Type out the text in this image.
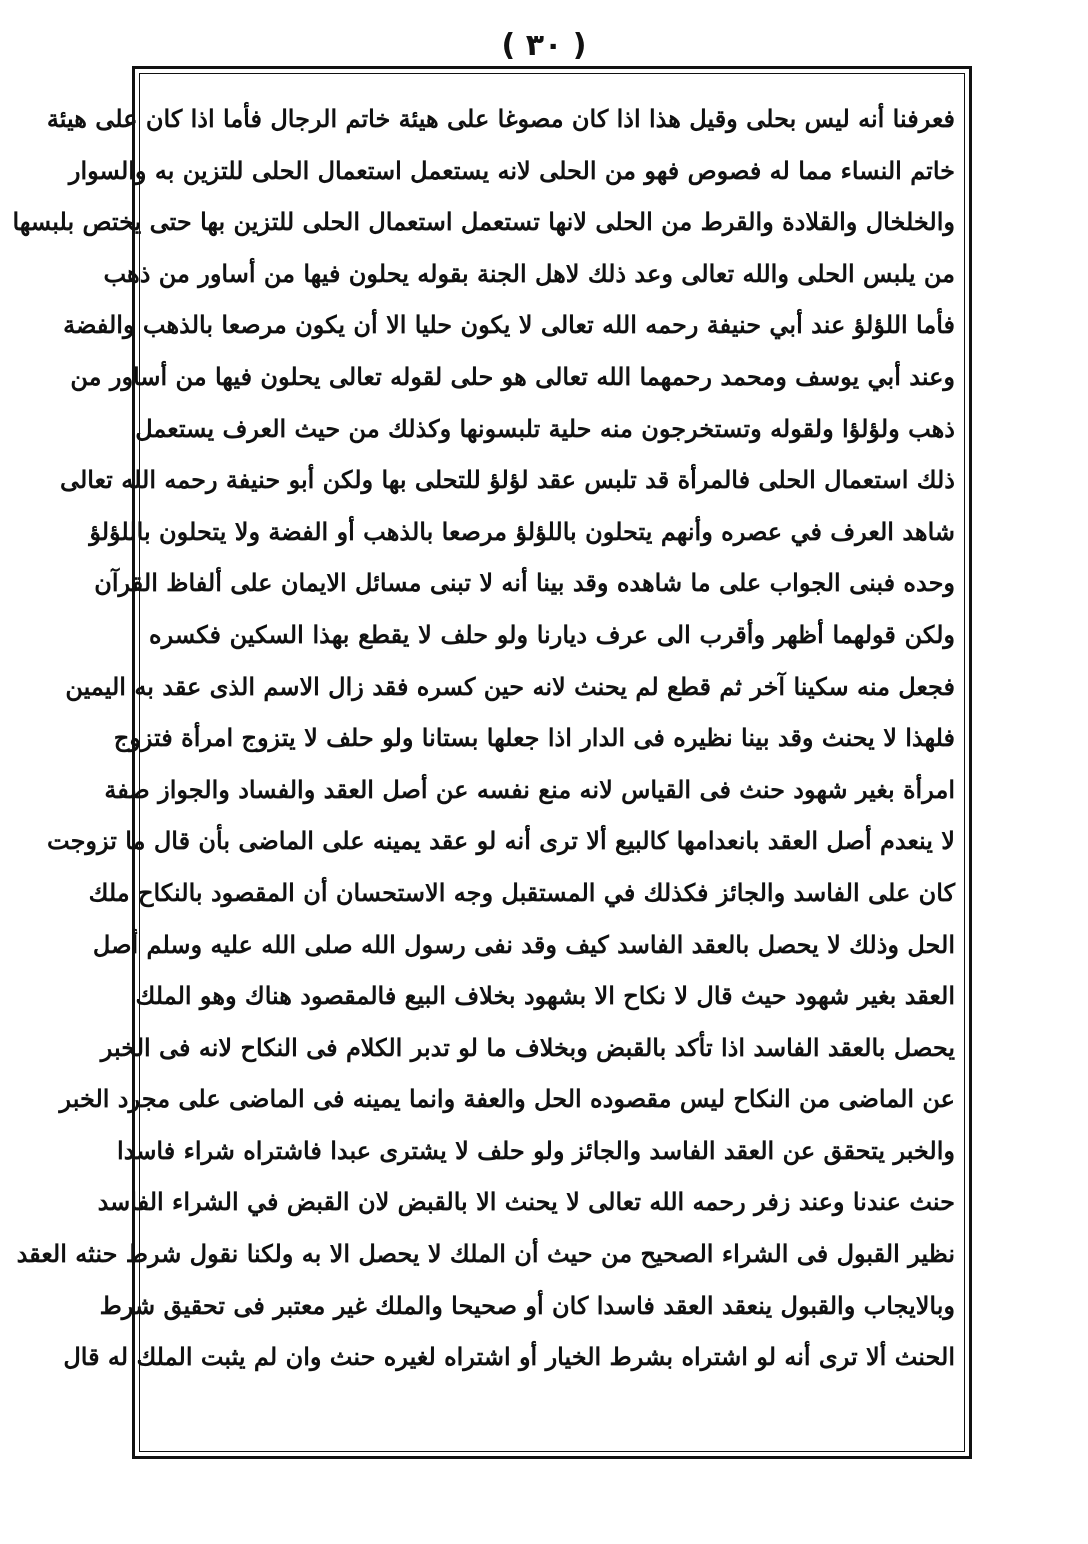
( ٣٠ )
فعرفنا أنه ليس بحلى وقيل هذا اذا كان مصوغا على هيئة خاتم الرجال فأما اذا كان على هيئة
خاتم النساء مما له فصوص فهو من الحلى لانه يستعمل استعمال الحلى للتزين به والسوار
والخلخال والقلادة والقرط من الحلى لانها تستعمل استعمال الحلى للتزين بها حتى يختص بلبسها
من يلبس الحلى والله تعالى وعد ذلك لاهل الجنة بقوله يحلون فيها من أساور من ذهب
فأما اللؤلؤ عند أبي حنيفة رحمه الله تعالى لا يكون حليا الا أن يكون مرصعا بالذهب والفضة
وعند أبي يوسف ومحمد رحمهما الله تعالى هو حلى لقوله تعالى يحلون فيها من أساور من
ذهب ولؤلؤا ولقوله وتستخرجون منه حلية تلبسونها وكذلك من حيث العرف يستعمل
ذلك استعمال الحلى فالمرأة قد تلبس عقد لؤلؤ للتحلى بها ولكن أبو حنيفة رحمه الله تعالى
شاهد العرف في عصره وأنهم يتحلون باللؤلؤ مرصعا بالذهب أو الفضة ولا يتحلون باللؤلؤ
وحده فبنى الجواب على ما شاهده وقد بينا أنه لا تبنى مسائل الايمان على ألفاظ القرآن
ولكن قولهما أظهر وأقرب الى عرف ديارنا ولو حلف لا يقطع بهذا السكين فكسره
فجعل منه سكينا آخر ثم قطع لم يحنث لانه حين كسره فقد زال الاسم الذى عقد به اليمين
فلهذا لا يحنث وقد بينا نظيره فى الدار اذا جعلها بستانا ولو حلف لا يتزوج امرأة فتزوج
امرأة بغير شهود حنث فى القياس لانه منع نفسه عن أصل العقد والفساد والجواز صفة
لا ينعدم أصل العقد بانعدامها كالبيع ألا ترى أنه لو عقد يمينه على الماضى بأن قال ما تزوجت
كان على الفاسد والجائز فكذلك في المستقبل وجه الاستحسان أن المقصود بالنكاح ملك
الحل وذلك لا يحصل بالعقد الفاسد كيف وقد نفى رسول الله صلى الله عليه وسلم أصل
العقد بغير شهود حيث قال لا نكاح الا بشهود بخلاف البيع فالمقصود هناك وهو الملك
يحصل بالعقد الفاسد اذا تأكد بالقبض وبخلاف ما لو تدبر الكلام فى النكاح لانه فى الخبر
عن الماضى من النكاح ليس مقصوده الحل والعفة وانما يمينه فى الماضى على مجرد الخبر
والخبر يتحقق عن العقد الفاسد والجائز ولو حلف لا يشترى عبدا فاشتراه شراء فاسدا
حنث عندنا وعند زفر رحمه الله تعالى لا يحنث الا بالقبض لان القبض في الشراء الفاسد
نظير القبول فى الشراء الصحيح من حيث أن الملك لا يحصل الا به ولكنا نقول شرط حنثه العقد
وبالايجاب والقبول ينعقد العقد فاسدا كان أو صحيحا والملك غير معتبر فى تحقيق شرط
الحنث ألا ترى أنه لو اشتراه بشرط الخيار أو اشتراه لغيره حنث وان لم يثبت الملك له قال
